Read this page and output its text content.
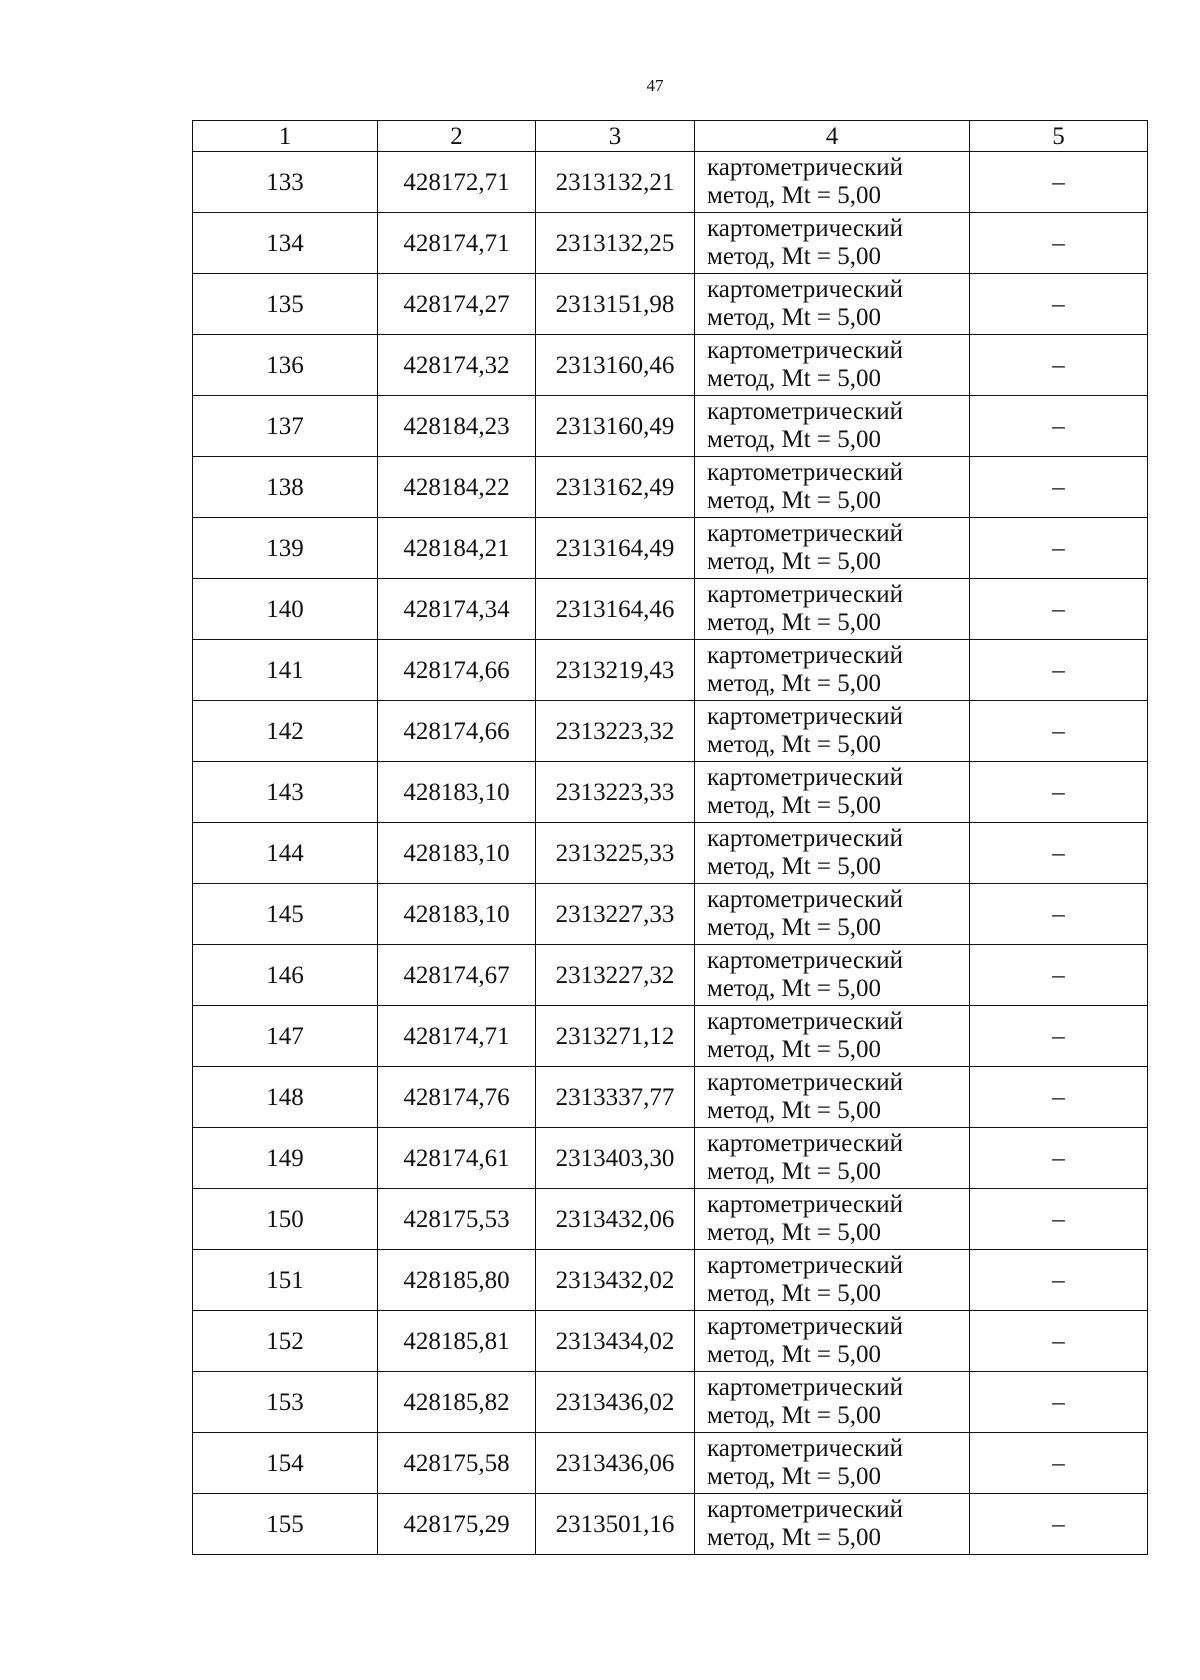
47
1	2	3	4	5
133	428172,71	2313132,21	картометрический
метод, Mt = 5,00	–
134	428174,71	2313132,25	картометрический
метод, Mt = 5,00	–
135	428174,27	2313151,98	картометрический
метод, Mt = 5,00	–
136	428174,32	2313160,46	картометрический
метод, Mt = 5,00	–
137	428184,23	2313160,49	картометрический
метод, Mt = 5,00	–
138	428184,22	2313162,49	картометрический
метод, Mt = 5,00	–
139	428184,21	2313164,49	картометрический
метод, Mt = 5,00	–
140	428174,34	2313164,46	картометрический
метод, Mt = 5,00	–
141	428174,66	2313219,43	картометрический
метод, Mt = 5,00	–
142	428174,66	2313223,32	картометрический
метод, Mt = 5,00	–
143	428183,10	2313223,33	картометрический
метод, Mt = 5,00	–
144	428183,10	2313225,33	картометрический
метод, Mt = 5,00	–
145	428183,10	2313227,33	картометрический
метод, Mt = 5,00	–
146	428174,67	2313227,32	картометрический
метод, Mt = 5,00	–
147	428174,71	2313271,12	картометрический
метод, Mt = 5,00	–
148	428174,76	2313337,77	картометрический
метод, Mt = 5,00	–
149	428174,61	2313403,30	картометрический
метод, Mt = 5,00	–
150	428175,53	2313432,06	картометрический
метод, Mt = 5,00	–
151	428185,80	2313432,02	картометрический
метод, Mt = 5,00	–
152	428185,81	2313434,02	картометрический
метод, Mt = 5,00	–
153	428185,82	2313436,02	картометрический
метод, Mt = 5,00	–
154	428175,58	2313436,06	картометрический
метод, Mt = 5,00	–
155	428175,29	2313501,16	картометрический
метод, Mt = 5,00	–
